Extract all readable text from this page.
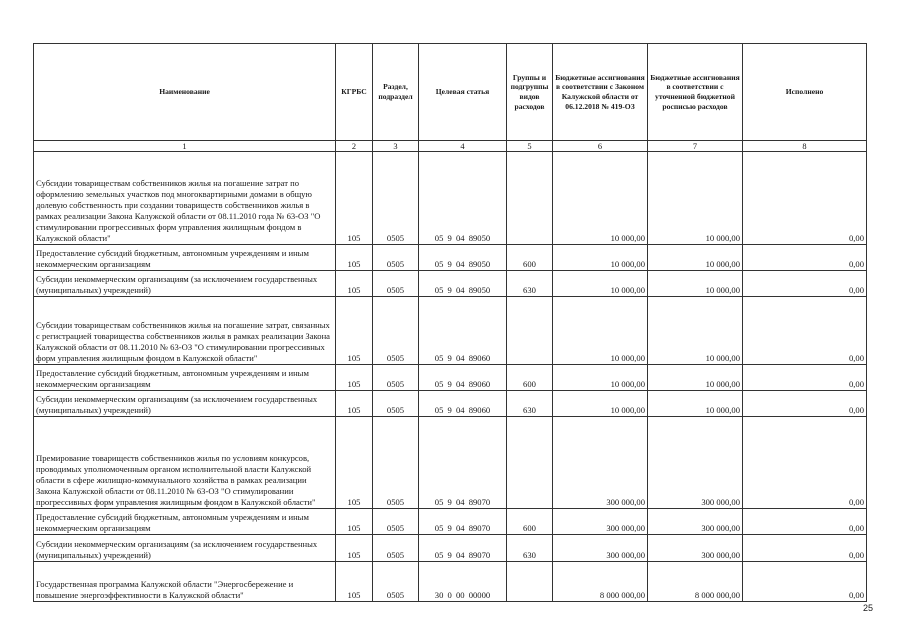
Наименование	КГРБС	Раздел, подраздел	Целевая статья	Группы и подгруппы видов расходов	Бюджетные ассигнования в соответствии с Законом Калужской области от 06.12.2018 № 419-ОЗ	Бюджетные ассигнования в соответствии с уточненной бюджетной росписью расходов	Исполнено
1	2	3	4	5	6	7	8
Субсидии товариществам собственников жилья на погашение затрат по оформлению земельных участков под многоквартирными домами в общую долевую собственность при создании товариществ собственников жилья в рамках реализации Закона Калужской области от 08.11.2010 года № 63-ОЗ "О стимулировании прогрессивных форм управления жилищным фондом в Калужской области"	105	0505	05 9 04 89050		10 000,00	10 000,00	0,00
Предоставление субсидий бюджетным, автономным учреждениям и иным некоммерческим организациям	105	0505	05 9 04 89050	600	10 000,00	10 000,00	0,00
Субсидии некоммерческим организациям (за исключением государственных (муниципальных) учреждений)	105	0505	05 9 04 89050	630	10 000,00	10 000,00	0,00
Субсидии товариществам собственников жилья на погашение затрат, связанных с регистрацией товарищества собственников жилья в рамках реализации Закона Калужской области от 08.11.2010 № 63-ОЗ "О стимулировании прогрессивных форм управления жилищным фондом в Калужской области"	105	0505	05 9 04 89060		10 000,00	10 000,00	0,00
Предоставление субсидий бюджетным, автономным учреждениям и иным некоммерческим организациям	105	0505	05 9 04 89060	600	10 000,00	10 000,00	0,00
Субсидии некоммерческим организациям (за исключением государственных (муниципальных) учреждений)	105	0505	05 9 04 89060	630	10 000,00	10 000,00	0,00
Премирование товариществ собственников жилья по условиям конкурсов, проводимых уполномоченным органом исполнительной власти Калужской области в сфере жилищно-коммунального хозяйства в рамках реализации Закона Калужской области от 08.11.2010 № 63-ОЗ "О стимулировании прогрессивных форм управления жилищным фондом в Калужской области"	105	0505	05 9 04 89070		300 000,00	300 000,00	0,00
Предоставление субсидий бюджетным, автономным учреждениям и иным некоммерческим организациям	105	0505	05 9 04 89070	600	300 000,00	300 000,00	0,00
Субсидии некоммерческим организациям (за исключением государственных (муниципальных) учреждений)	105	0505	05 9 04 89070	630	300 000,00	300 000,00	0,00
Государственная программа Калужской области "Энергосбережение и повышение энергоэффективности в Калужской области"	105	0505	30 0 00 00000		8 000 000,00	8 000 000,00	0,00
25
